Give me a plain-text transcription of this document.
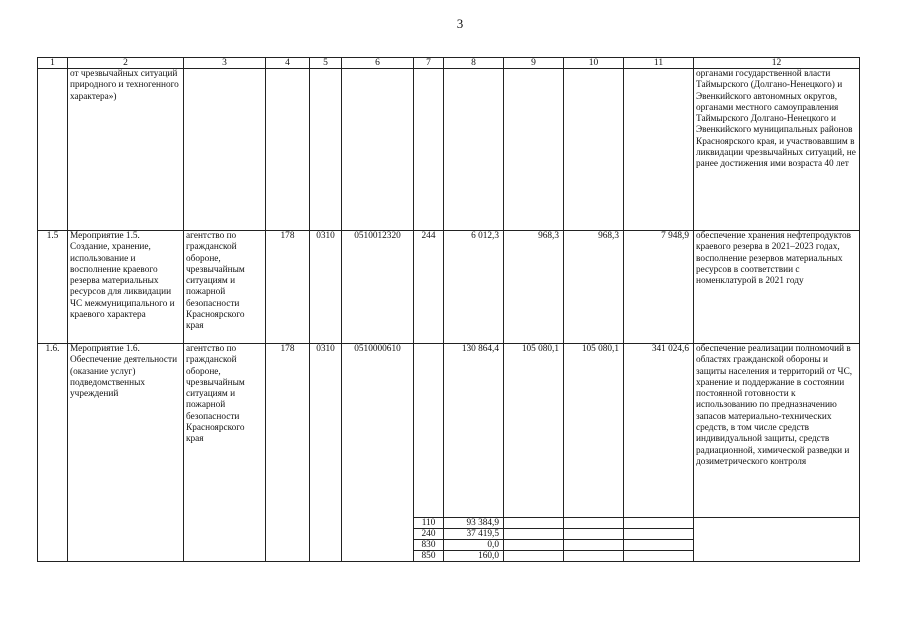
3
1	2	3	4	5	6	7	8	9	10	11	12
	от чрезвычайных ситуаций природного и техногенного характера»)										органами государственной власти Таймырского (Долгано-Ненецкого) и Эвенкийского автономных округов, органами местного самоуправления Таймырского Долгано-Ненецкого и Эвенкийского муниципальных районов Красноярского края, и участвовавшим в ликвидации чрезвычайных ситуаций, не ранее достижения ими возраста 40 лет
1.5	Мероприятие 1.5. Создание, хранение, использование и восполнение краевого резерва материальных ресурсов для ликвидации ЧС межмуниципального и краевого характера	агентство по гражданской обороне, чрезвычайным ситуациям и пожарной безопасности Красноярского края	178	0310	0510012320	244	6 012,3	968,3	968,3	7 948,9	обеспечение хранения нефтепродуктов краевого резерва в 2021–2023 годах, восполнение резервов материальных ресурсов в соответствии с номенклатурой в 2021 году
1.6.	Мероприятие 1.6. Обеспечение деятельности (оказание услуг) подведомственных учреждений	агентство по гражданской обороне, чрезвычайным ситуациям и пожарной безопасности Красноярского края	178	0310	0510000610		130 864,4	105 080,1	105 080,1	341 024,6	обеспечение реализации полномочий в областях гражданской обороны и защиты населения и территорий от ЧС, хранение и поддержание в состоянии постоянной готовности к использованию по предназначению запасов материально-технических средств, в том числе средств индивидуальной защиты, средств радиационной, химической разведки и дозиметрического контроля
						110	93 384,9				
						240	37 419,5				
						830	0,0				
						850	160,0				
